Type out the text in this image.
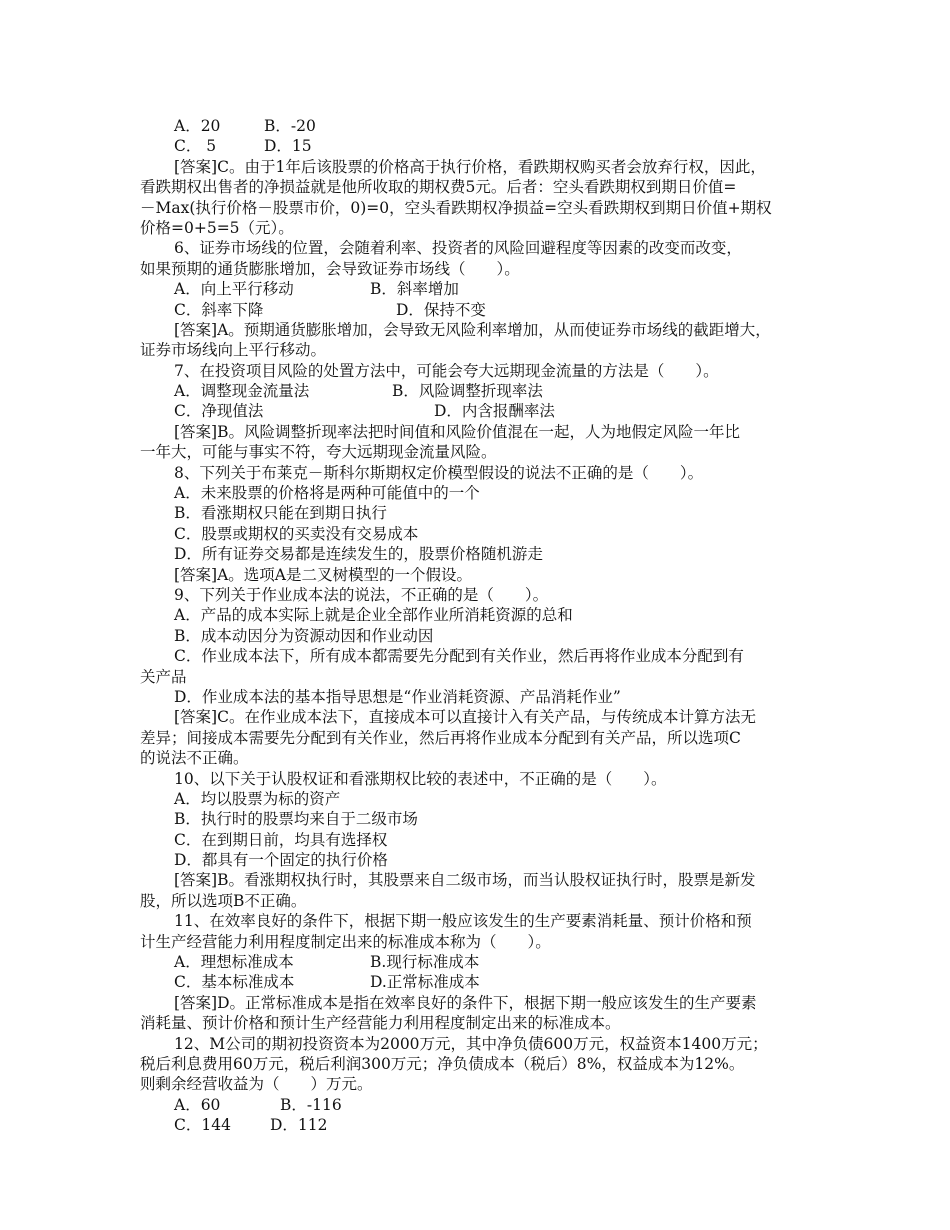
A．20	B．-20
C． 5	D．15
[答案]C。由于1年后该股票的价格高于执行价格，看跌期权购买者会放弃行权，因此，
看跌期权出售者的净损益就是他所收取的期权费5元。后者：空头看跌期权到期日价值=
－Max(执行价格－股票市价，0)=0，空头看跌期权净损益=空头看跌期权到期日价值+期权
价格=0+5=5（元）。
6、证券市场线的位置，会随着利率、投资者的风险回避程度等因素的改变而改变，
如果预期的通货膨胀增加，会导致证券市场线（　　）。
A．向上平行移动	B．斜率增加
C．斜率下降	D．保持不变
[答案]A。预期通货膨胀增加，会导致无风险利率增加，从而使证券市场线的截距增大，
证券市场线向上平行移动。
7、在投资项目风险的处置方法中，可能会夸大远期现金流量的方法是（　　）。
A．调整现金流量法	B．风险调整折现率法
C．净现值法	D．内含报酬率法
[答案]B。风险调整折现率法把时间值和风险价值混在一起，人为地假定风险一年比
一年大，可能与事实不符，夸大远期现金流量风险。
8、下列关于布莱克－斯科尔斯期权定价模型假设的说法不正确的是（　　）。
A．未来股票的价格将是两种可能值中的一个
B．看涨期权只能在到期日执行
C．股票或期权的买卖没有交易成本
D．所有证券交易都是连续发生的，股票价格随机游走
[答案]A。选项A是二叉树模型的一个假设。
9、下列关于作业成本法的说法，不正确的是（　　）。
A．产品的成本实际上就是企业全部作业所消耗资源的总和
B．成本动因分为资源动因和作业动因
C．作业成本法下，所有成本都需要先分配到有关作业，然后再将作业成本分配到有
关产品
D．作业成本法的基本指导思想是“作业消耗资源、产品消耗作业”
[答案]C。在作业成本法下，直接成本可以直接计入有关产品，与传统成本计算方法无
差异；间接成本需要先分配到有关作业，然后再将作业成本分配到有关产品，所以选项C
的说法不正确。
10、以下关于认股权证和看涨期权比较的表述中，不正确的是（　　）。
A．均以股票为标的资产
B．执行时的股票均来自于二级市场
C．在到期日前，均具有选择权
D．都具有一个固定的执行价格
[答案]B。看涨期权执行时，其股票来自二级市场，而当认股权证执行时，股票是新发
股，所以选项B不正确。
11、在效率良好的条件下，根据下期一般应该发生的生产要素消耗量、预计价格和预
计生产经营能力利用程度制定出来的标准成本称为（　　）。
A．理想标准成本	B.现行标准成本
C．基本标准成本	D.正常标准成本
[答案]D。正常标准成本是指在效率良好的条件下，根据下期一般应该发生的生产要素
消耗量、预计价格和预计生产经营能力利用程度制定出来的标准成本。
12、M公司的期初投资资本为2000万元，其中净负债600万元，权益资本1400万元；
税后利息费用60万元，税后利润300万元；净负债成本（税后）8%，权益成本为12%。
则剩余经营收益为（　　）万元。
A．60	B．-116
C．144	D．112
